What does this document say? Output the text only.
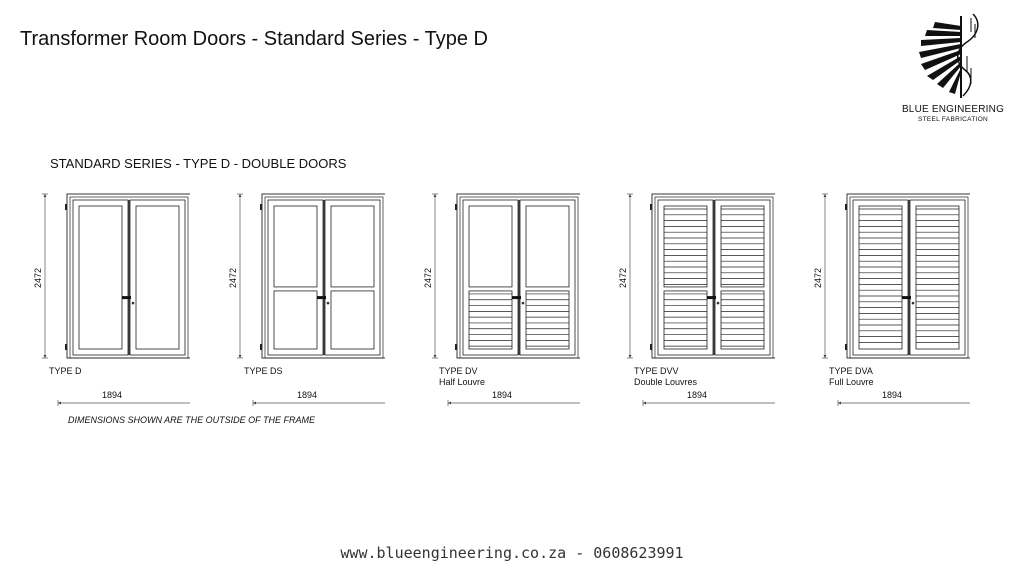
Transformer Room Doors - Standard Series - Type D
BLUE ENGINEERING
STEEL FABRICATION
STANDARD SERIES - TYPE D - DOUBLE DOORS
2472
TYPE D
1894
2472
TYPE DS
1894
2472
TYPE DV
Half Louvre
1894
2472
TYPE DVV
Double Louvres
1894
2472
TYPE DVA
Full Louvre
1894
DIMENSIONS SHOWN ARE THE OUTSIDE OF THE FRAME
www.blueengineering.co.za - 0608623991
